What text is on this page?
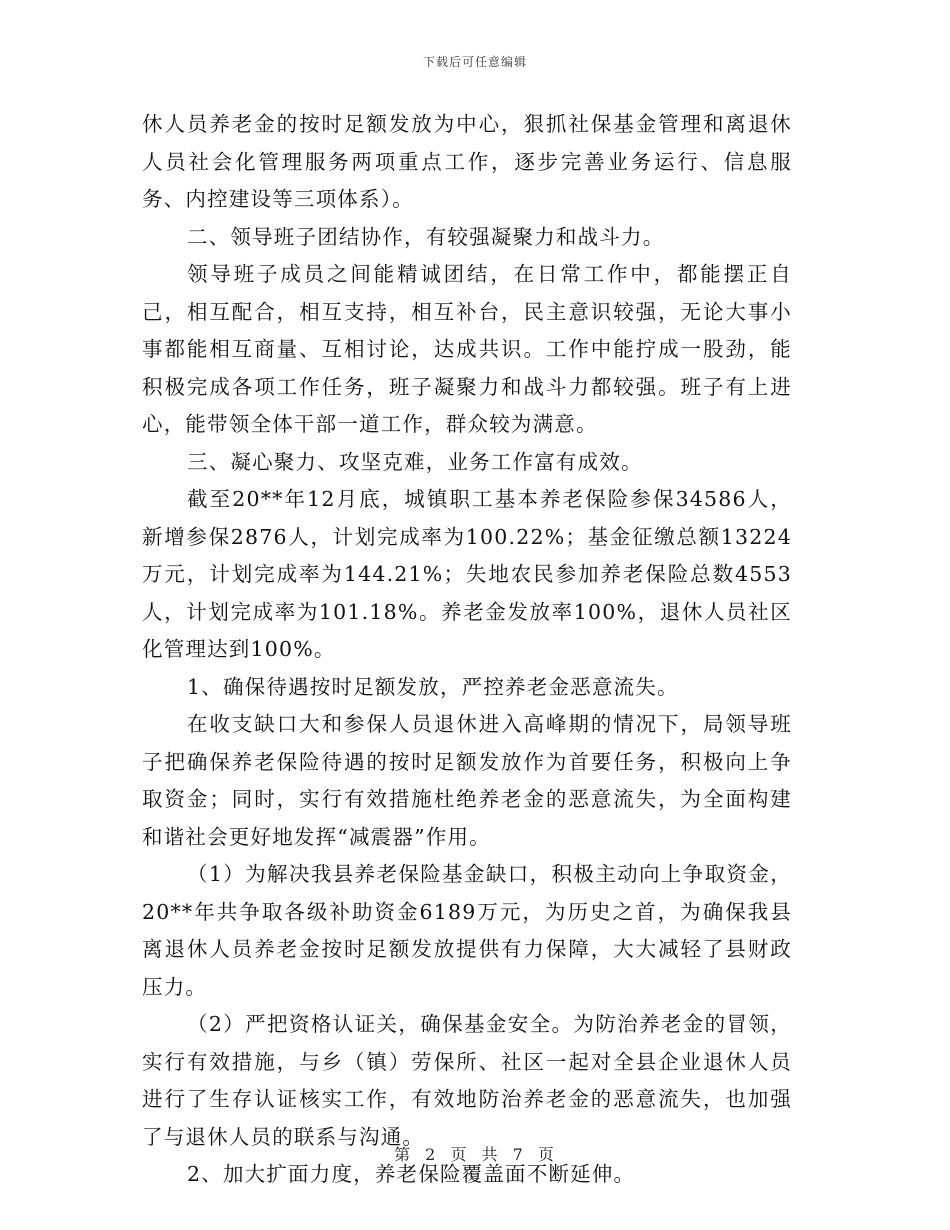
下载后可任意编辑

休人员养老金的按时足额发放为中心，狠抓社保基金管理和离退休人员社会化管理服务两项重点工作，逐步完善业务运行、信息服务、内控建设等三项体系）。

二、领导班子团结协作，有较强凝聚力和战斗力。

领导班子成员之间能精诚团结，在日常工作中，都能摆正自己，相互配合，相互支持，相互补台，民主意识较强，无论大事小事都能相互商量、互相讨论，达成共识。工作中能拧成一股劲，能积极完成各项工作任务，班子凝聚力和战斗力都较强。班子有上进心，能带领全体干部一道工作，群众较为满意。

三、凝心聚力、攻坚克难，业务工作富有成效。

截至20**年12月底，城镇职工基本养老保险参保34586人，新增参保2876人，计划完成率为100.22%；基金征缴总额13224万元，计划完成率为144.21%；失地农民参加养老保险总数4553人，计划完成率为101.18%。养老金发放率100%，退休人员社区化管理达到100%。

1、确保待遇按时足额发放，严控养老金恶意流失。

在收支缺口大和参保人员退休进入高峰期的情况下，局领导班子把确保养老保险待遇的按时足额发放作为首要任务，积极向上争取资金；同时，实行有效措施杜绝养老金的恶意流失，为全面构建和谐社会更好地发挥“减震器”作用。

（1）为解决我县养老保险基金缺口，积极主动向上争取资金，20**年共争取各级补助资金6189万元，为历史之首，为确保我县离退休人员养老金按时足额发放提供有力保障，大大减轻了县财政压力。

（2）严把资格认证关，确保基金安全。为防治养老金的冒领，实行有效措施，与乡（镇）劳保所、社区一起对全县企业退休人员进行了生存认证核实工作，有效地防治养老金的恶意流失，也加强了与退休人员的联系与沟通。

2、加大扩面力度，养老保险覆盖面不断延伸。

第 2 页 共 7 页
